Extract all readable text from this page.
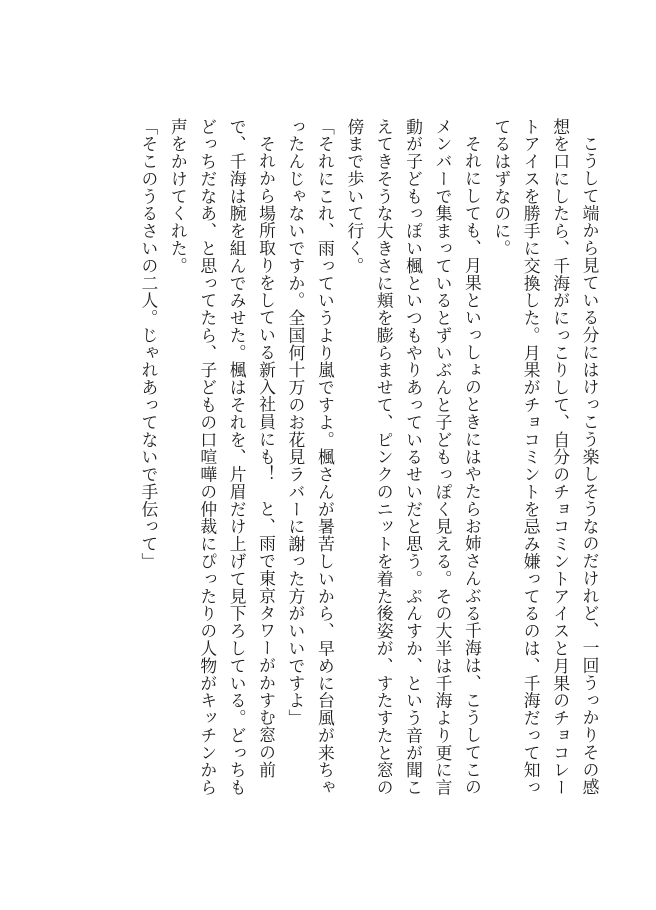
こうして端から見ている分にはけっこう楽しそうなのだけれど、一回うっかりその感想を口にしたら、千海がにっこりして、自分のチョコミントアイスと月果のチョコレートアイスを勝手に交換した。月果がチョコミントを忌み嫌ってるのは、千海だって知ってるはずなのに。

それにしても、月果といっしょのときにはやたらお姉さんぶる千海は、こうしてこのメンバーで集まっているとずいぶんと子どもっぽく見える。その大半は千海より更に言動が子どもっぽい楓といつもやりあっているせいだと思う。ぷんすか、という音が聞こえてきそうな大きさに頬を膨らませて、ピンクのニットを着た後姿が、すたすたと窓の傍まで歩いて行く。

「それにこれ、雨っていうより嵐ですよ。楓さんが暑苦しいから、早めに台風が来ちゃったんじゃないですか。全国何十万のお花見ラバーに謝った方がいいですよ」

それから場所取りをしている新入社員にも！　と、雨で東京タワーがかすむ窓の前で、千海は腕を組んでみせた。楓はそれを、片眉だけ上げて見下ろしている。どっちもどっちだなあ、と思ってたら、子どもの口喧嘩の仲裁にぴったりの人物がキッチンから声をかけてくれた。

「そこのうるさいの二人。じゃれあってないで手伝って」
